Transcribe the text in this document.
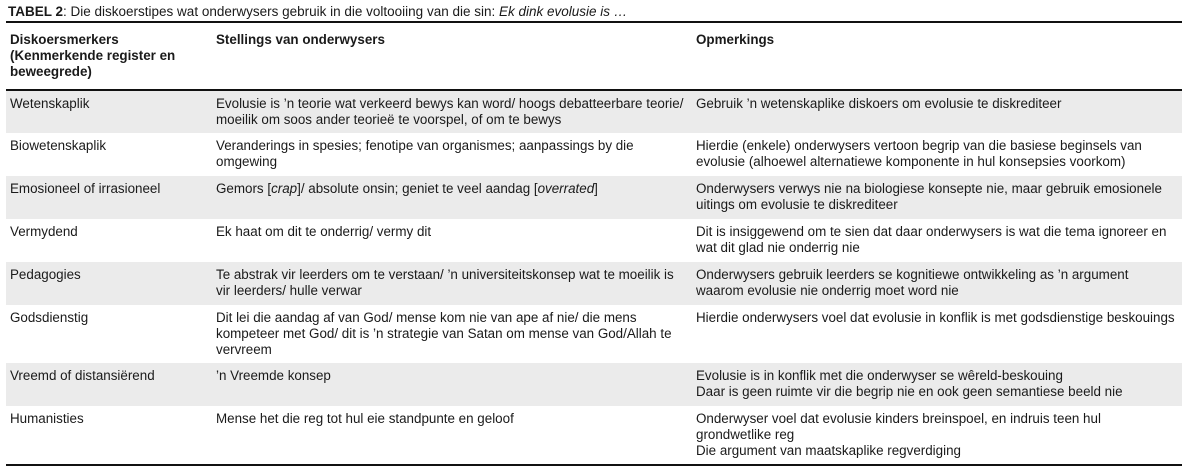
TABEL 2: Die diskoerstipes wat onderwysers gebruik in die voltooiing van die sin: Ek dink evolusie is …
Diskoersmerkers (Kenmerkende register en beweegrede)	Stellings van onderwysers	Opmerkings
Wetenskaplik	Evolusie is ’n teorie wat verkeerd bewys kan word/ hoogs debatteerbare teorie/ moeilik om soos ander teorieë te voorspel, of om te bewys	Gebruik ’n wetenskaplike diskoers om evolusie te diskrediteer
Biowetenskaplik	Veranderings in spesies; fenotipe van organismes; aanpassings by die omgewing	Hierdie (enkele) onderwysers vertoon begrip van die basiese beginsels van evolusie (alhoewel alternatiewe komponente in hul konsepsies voorkom)
Emosioneel of irrasioneel	Gemors [crap]/ absolute onsin; geniet te veel aandag [overrated]	Onderwysers verwys nie na biologiese konsepte nie, maar gebruik emosionele uitings om evolusie te diskrediteer
Vermydend	Ek haat om dit te onderrig/ vermy dit	Dit is insiggewend om te sien dat daar onderwysers is wat die tema ignoreer en wat dit glad nie onderrig nie
Pedagogies	Te abstrak vir leerders om te verstaan/ ’n universiteitskonsep wat te moeilik is vir leerders/ hulle verwar	Onderwysers gebruik leerders se kognitiewe ontwikkeling as ’n argument waarom evolusie nie onderrig moet word nie
Godsdienstig	Dit lei die aandag af van God/ mense kom nie van ape af nie/ die mens kompeteer met God/ dit is ’n strategie van Satan om mense van God/Allah te vervreem	Hierdie onderwysers voel dat evolusie in konflik is met godsdienstige beskouings
Vreemd of distansiërend	’n Vreemde konsep	Evolusie is in konflik met die onderwyser se wêreld-beskouing
Daar is geen ruimte vir die begrip nie en ook geen semantiese beeld nie

Humanisties	Mense het die reg tot hul eie standpunte en geloof	Onderwyser voel dat evolusie kinders breinspoel, en indruis teen hul grondwetlike reg
Die argument van maatskaplike regverdiging
